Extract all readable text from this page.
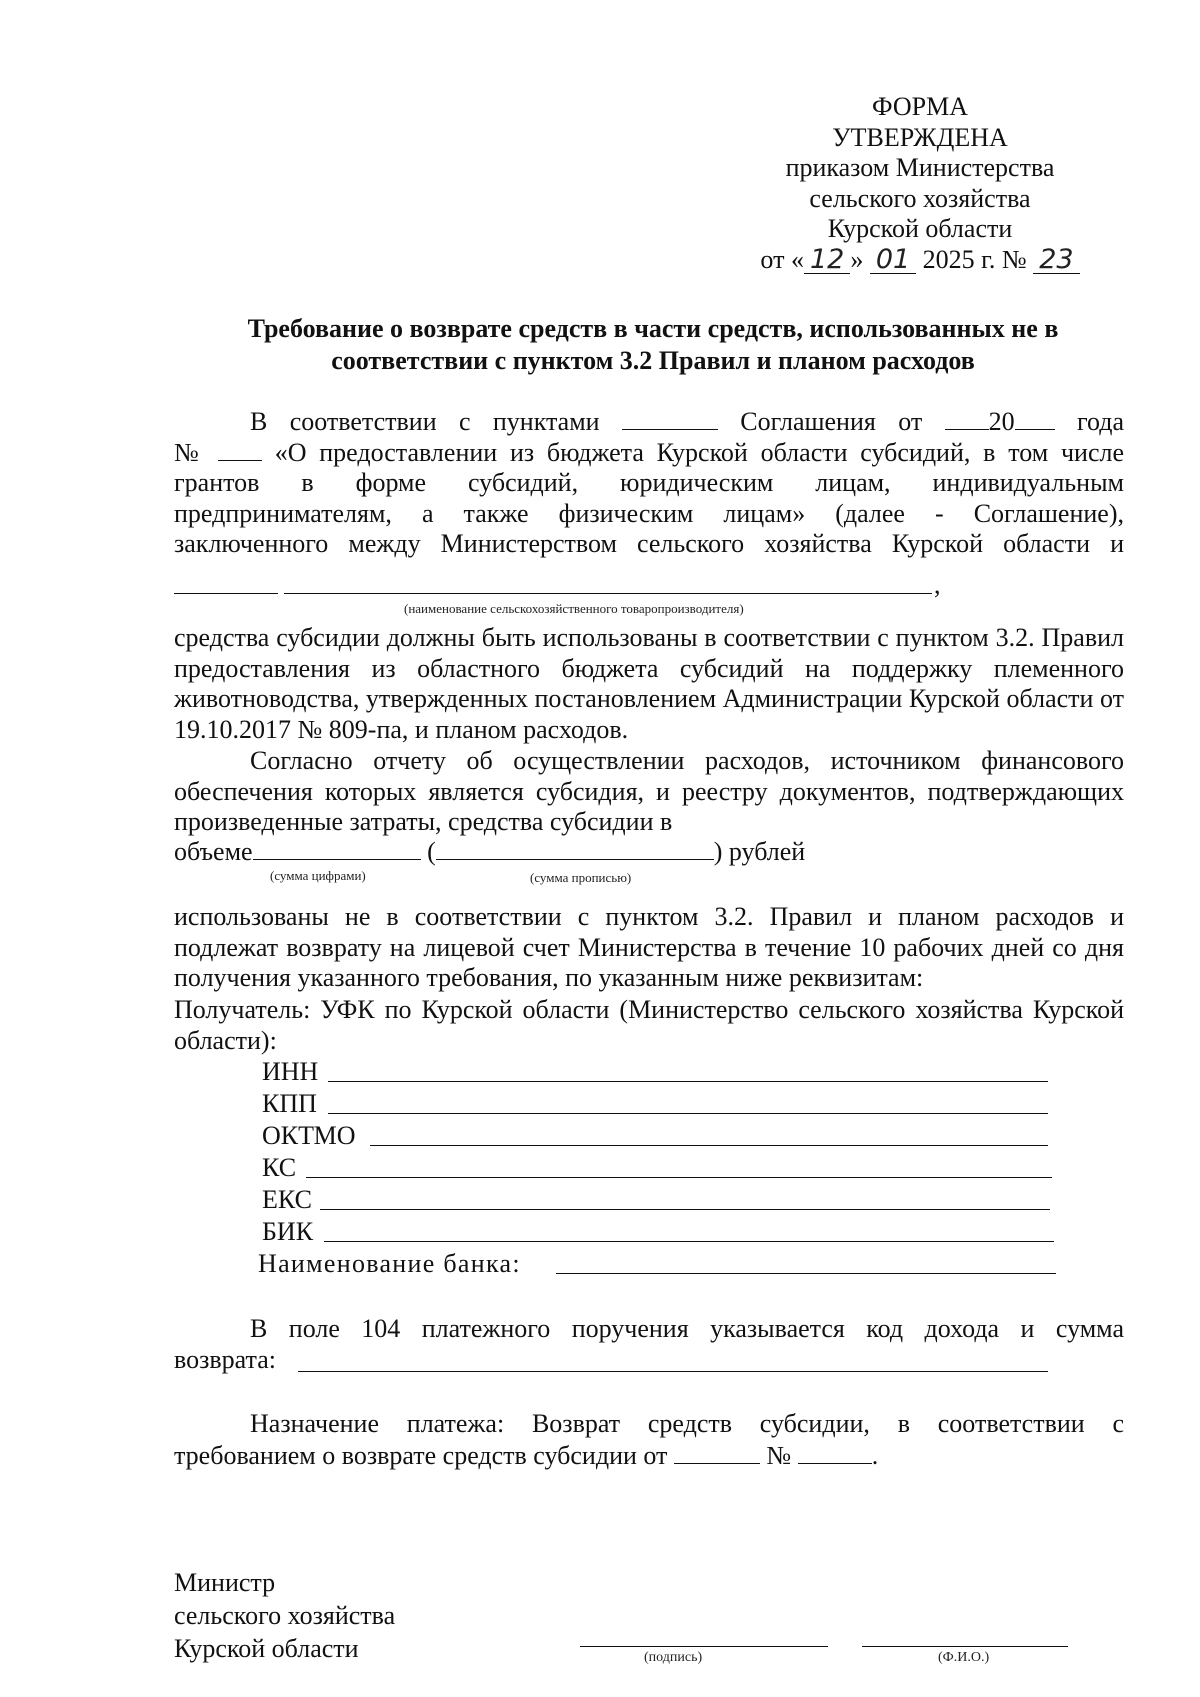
ФОРМА
УТВЕРЖДЕНА
приказом Министерства
сельского хозяйства
Курской области
от « 12 » 01 2025 г. № 23
Требование о возврате средств в части средств, использованных не в соответствии с пунктом 3.2 Правил и планом расходов
В соответствии с пунктами	Соглашения от	20 года
№	«О предоставлении из бюджета Курской области субсидий, в том числе
грантов в форме субсидий, юридическим лицам, индивидуальным
предпринимателям, а также физическим лицам» (далее - Соглашение),
заключенного между Министерством сельского хозяйства Курской области и
,
(наименование сельскохозяйственного товаропроизводителя)
средства субсидии должны быть использованы в соответствии с пунктом 3.2. Правил предоставления из областного бюджета субсидий на поддержку племенного животноводства, утвержденных постановлением Администрации Курской области от 19.10.2017 № 809-па, и планом расходов.
Согласно отчету об осуществлении расходов, источником финансового обеспечения которых является субсидия, и реестру документов, подтверждающих произведенные затраты, средства субсидии в
объеме	(	) рублей
(сумма цифрами)	(сумма прописью)
использованы не в соответствии с пунктом 3.2. Правил и планом расходов и подлежат возврату на лицевой счет Министерства в течение 10 рабочих дней со дня получения указанного требования, по указанным ниже реквизитам:
Получатель: УФК по Курской области (Министерство сельского хозяйства Курской области):
ИНН
КПП
ОКТМО
КС
ЕКС
БИК
Наименование банка:
В поле 104 платежного поручения указывается код дохода и сумма
возврата:
Назначение платежа: Возврат средств субсидии, в соответствии с
требованием о возврате средств субсидии от	№	.
Министр
сельского хозяйства
Курской области	(подпись)	(Ф.И.О.)
